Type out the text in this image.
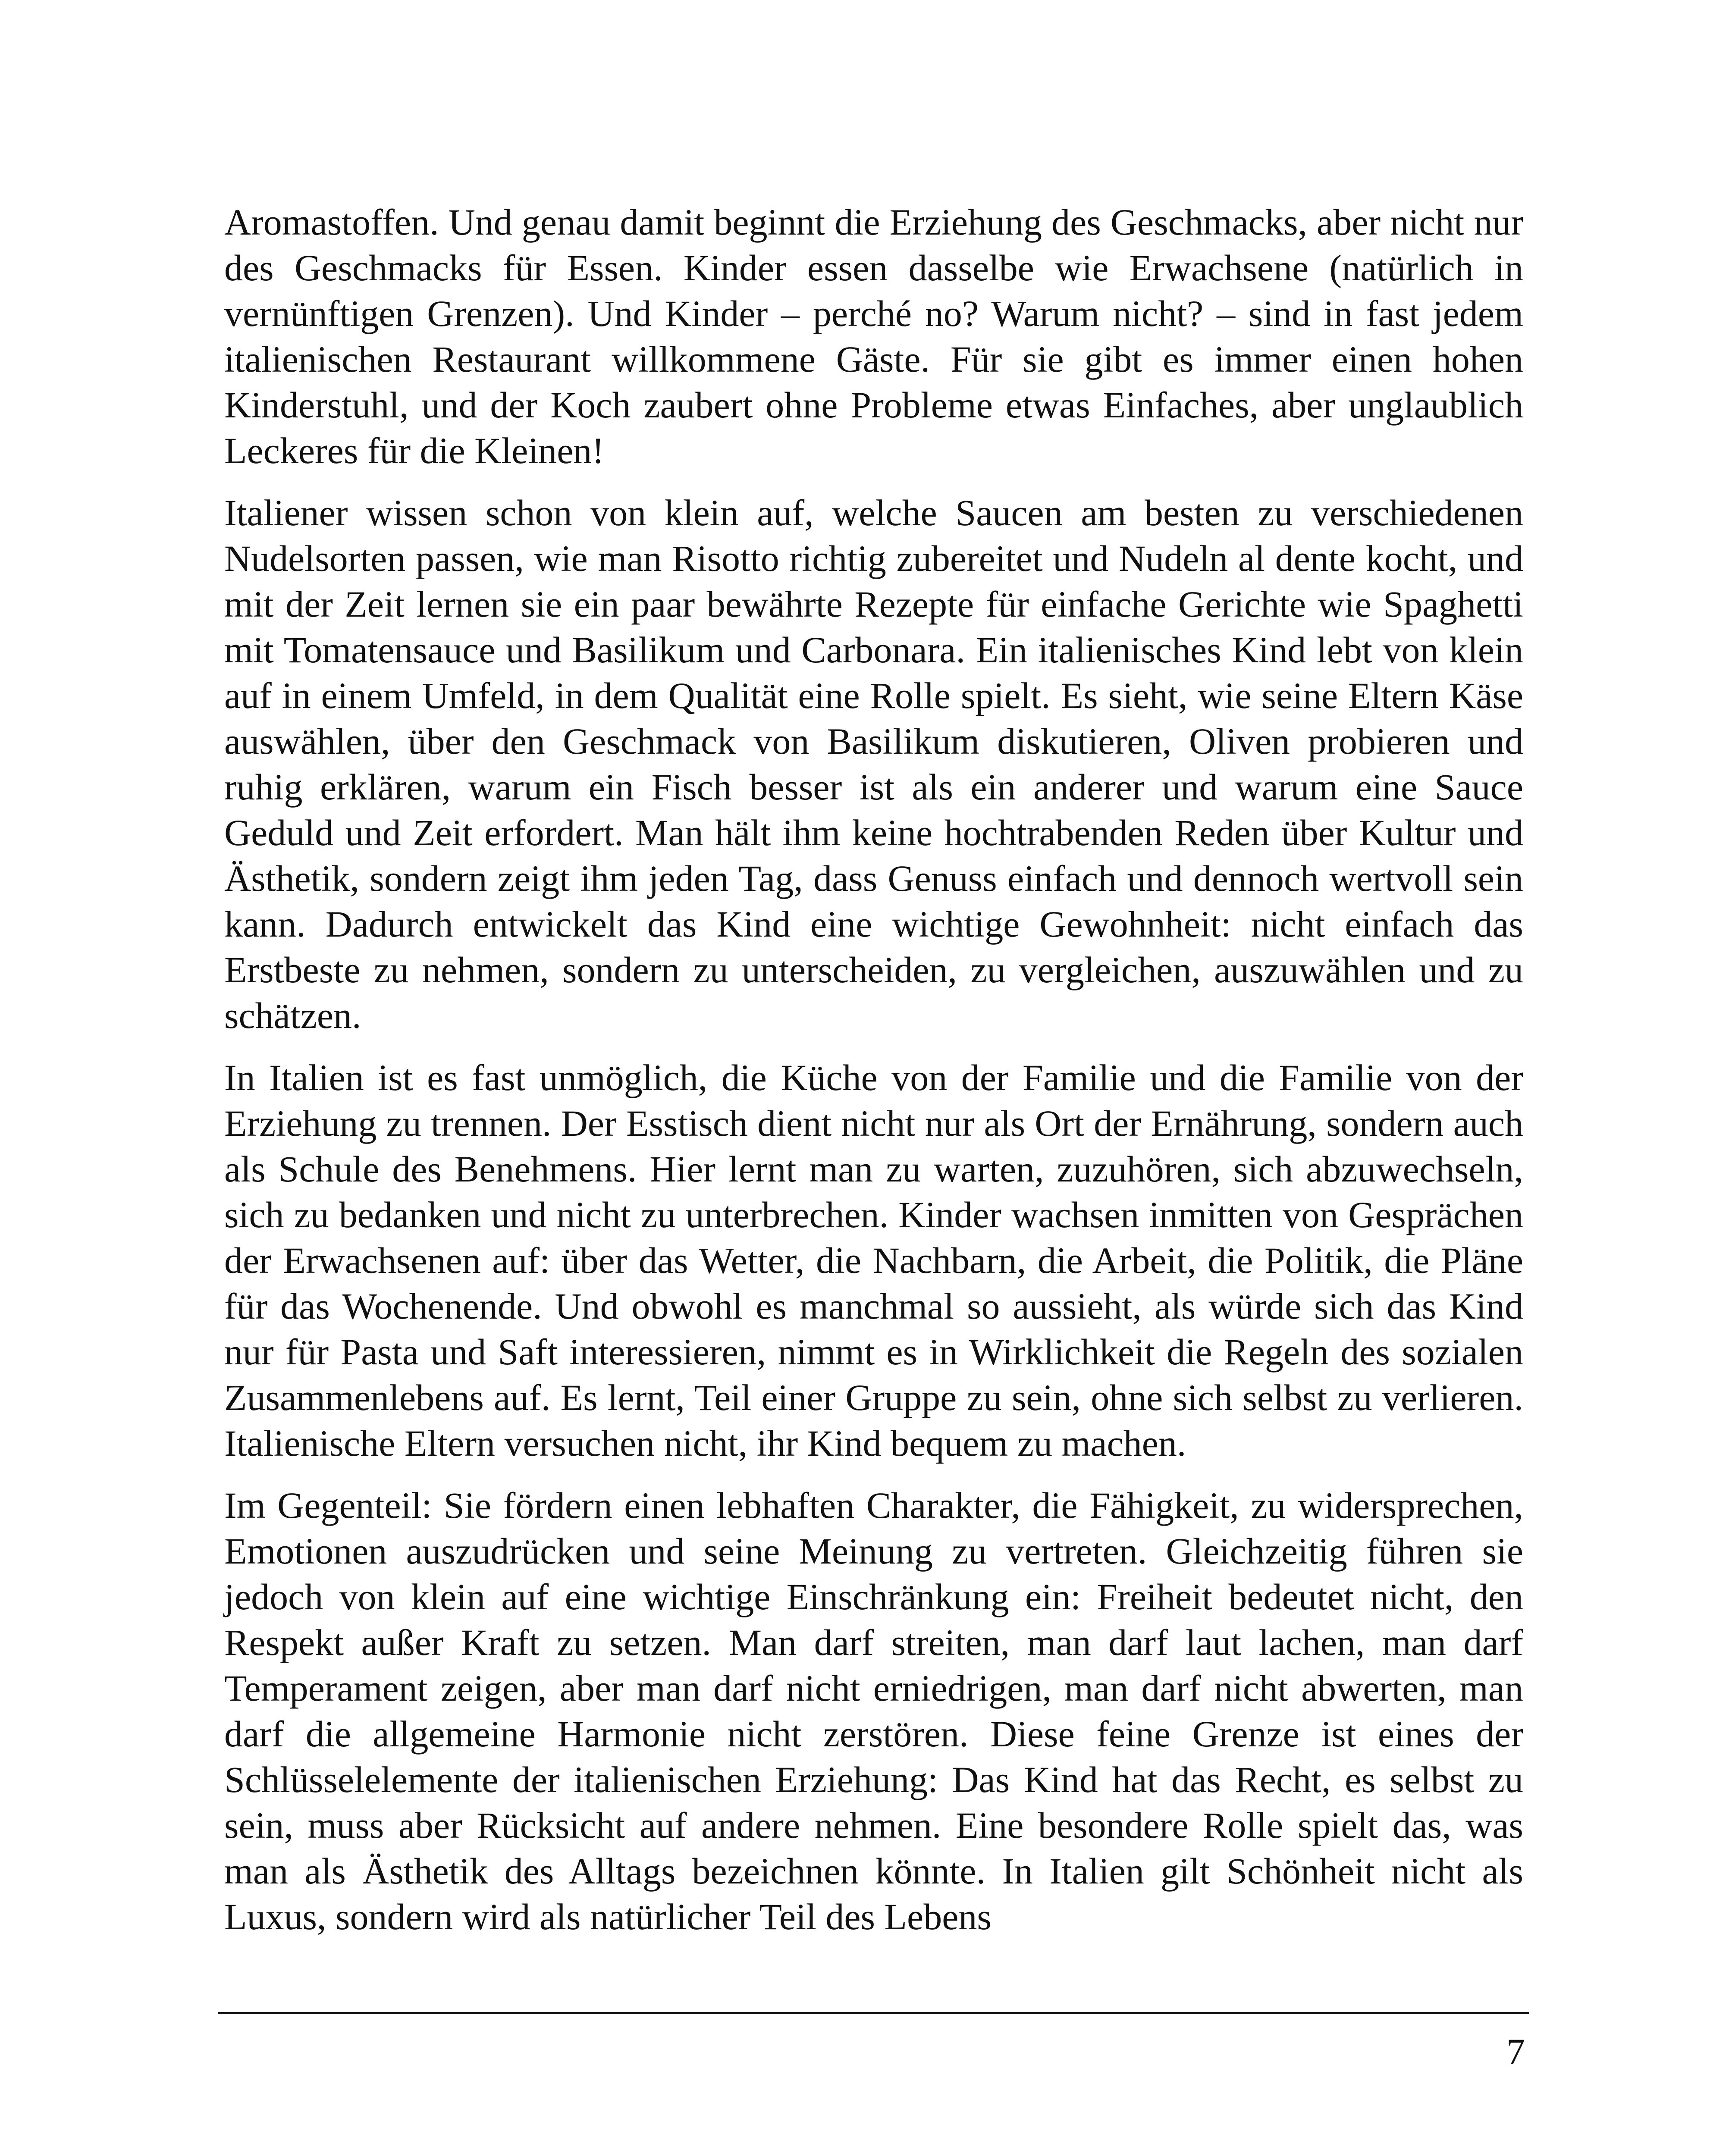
Aromastoffen. Und genau damit beginnt die Erziehung des Geschmacks, aber nicht nur des Geschmacks für Essen. Kinder essen dasselbe wie Erwachsene (natürlich in vernünftigen Grenzen). Und Kinder – perché no? Warum nicht? – sind in fast jedem italienischen Restaurant willkommene Gäste. Für sie gibt es immer einen hohen Kinderstuhl, und der Koch zaubert ohne Probleme etwas Einfaches, aber unglaublich Leckeres für die Kleinen!

Italiener wissen schon von klein auf, welche Saucen am besten zu verschiedenen Nudelsorten passen, wie man Risotto richtig zubereitet und Nudeln al dente kocht, und mit der Zeit lernen sie ein paar bewährte Rezepte für einfache Gerichte wie Spaghetti mit Tomatensauce und Basilikum und Carbonara. Ein italienisches Kind lebt von klein auf in einem Umfeld, in dem Qualität eine Rolle spielt. Es sieht, wie seine Eltern Käse auswählen, über den Geschmack von Basilikum diskutieren, Oliven probieren und ruhig erklären, warum ein Fisch besser ist als ein anderer und warum eine Sauce Geduld und Zeit erfordert. Man hält ihm keine hochtrabenden Reden über Kultur und Ästhetik, sondern zeigt ihm jeden Tag, dass Genuss einfach und dennoch wertvoll sein kann. Dadurch entwickelt das Kind eine wichtige Gewohnheit: nicht einfach das Erstbeste zu nehmen, sondern zu unterscheiden, zu vergleichen, auszuwählen und zu schätzen.

In Italien ist es fast unmöglich, die Küche von der Familie und die Familie von der Erziehung zu trennen. Der Esstisch dient nicht nur als Ort der Ernährung, sondern auch als Schule des Benehmens. Hier lernt man zu warten, zuzuhören, sich abzuwechseln, sich zu bedanken und nicht zu unterbrechen. Kinder wachsen inmitten von Gesprächen der Erwachsenen auf: über das Wetter, die Nachbarn, die Arbeit, die Politik, die Pläne für das Wochenende. Und obwohl es manchmal so aussieht, als würde sich das Kind nur für Pasta und Saft interessieren, nimmt es in Wirklichkeit die Regeln des sozialen Zusammenlebens auf. Es lernt, Teil einer Gruppe zu sein, ohne sich selbst zu verlieren. Italienische Eltern versuchen nicht, ihr Kind bequem zu machen.

Im Gegenteil: Sie fördern einen lebhaften Charakter, die Fähigkeit, zu widersprechen, Emotionen auszudrücken und seine Meinung zu vertreten. Gleichzeitig führen sie jedoch von klein auf eine wichtige Einschränkung ein: Freiheit bedeutet nicht, den Respekt außer Kraft zu setzen. Man darf streiten, man darf laut lachen, man darf Temperament zeigen, aber man darf nicht erniedrigen, man darf nicht abwerten, man darf die allgemeine Harmonie nicht zerstören. Diese feine Grenze ist eines der Schlüsselelemente der italienischen Erziehung: Das Kind hat das Recht, es selbst zu sein, muss aber Rücksicht auf andere nehmen. Eine besondere Rolle spielt das, was man als Ästhetik des Alltags bezeichnen könnte. In Italien gilt Schönheit nicht als Luxus, sondern wird als natürlicher Teil des Lebens

7
